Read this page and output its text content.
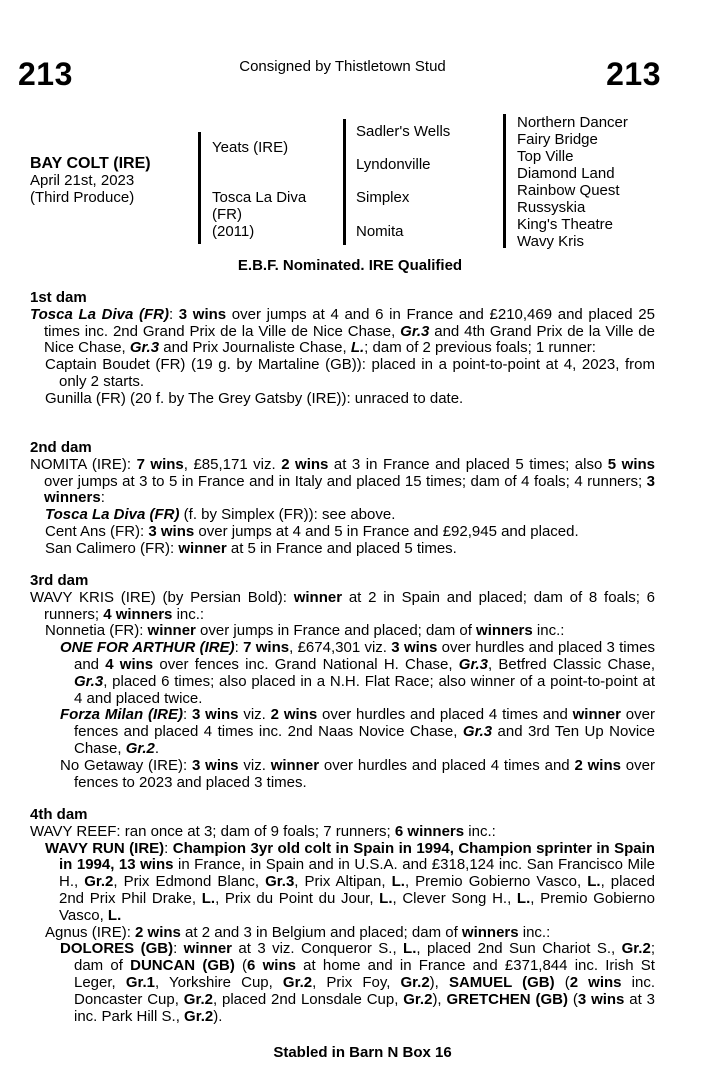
213	Consigned by Thistletown Stud	213
BAY COLT (IRE)
April 21st, 2023
(Third Produce)
Yeats (IRE)
Tosca La Diva
(FR)
(2011)
Sadler's Wells
Lyndonville
Simplex
Nomita
Northern Dancer
Fairy Bridge
Top Ville
Diamond Land
Rainbow Quest
Russyskia
King's Theatre
Wavy Kris
E.B.F. Nominated. IRE Qualified
1st dam
Tosca La Diva (FR): 3 wins over jumps at 4 and 6 in France and £210,469 and placed 25 times inc. 2nd Grand Prix de la Ville de Nice Chase, Gr.3 and 4th Grand Prix de la Ville de Nice Chase, Gr.3 and Prix Journaliste Chase, L.; dam of 2 previous foals; 1 runner:
Captain Boudet (FR) (19 g. by Martaline (GB)): placed in a point-to-point at 4, 2023, from only 2 starts.
Gunilla (FR) (20 f. by The Grey Gatsby (IRE)): unraced to date.
2nd dam
NOMITA (IRE): 7 wins, £85,171 viz. 2 wins at 3 in France and placed 5 times; also 5 wins over jumps at 3 to 5 in France and in Italy and placed 15 times; dam of 4 foals; 4 runners; 3 winners:
Tosca La Diva (FR) (f. by Simplex (FR)): see above.
Cent Ans (FR): 3 wins over jumps at 4 and 5 in France and £92,945 and placed.
San Calimero (FR): winner at 5 in France and placed 5 times.
3rd dam
WAVY KRIS (IRE) (by Persian Bold): winner at 2 in Spain and placed; dam of 8 foals; 6 runners; 4 winners inc.:
Nonnetia (FR): winner over jumps in France and placed; dam of winners inc.:
ONE FOR ARTHUR (IRE): 7 wins, £674,301 viz. 3 wins over hurdles and placed 3 times and 4 wins over fences inc. Grand National H. Chase, Gr.3, Betfred Classic Chase, Gr.3, placed 6 times; also placed in a N.H. Flat Race; also winner of a point-to-point at 4 and placed twice.
Forza Milan (IRE): 3 wins viz. 2 wins over hurdles and placed 4 times and winner over fences and placed 4 times inc. 2nd Naas Novice Chase, Gr.3 and 3rd Ten Up Novice Chase, Gr.2.
No Getaway (IRE): 3 wins viz. winner over hurdles and placed 4 times and 2 wins over fences to 2023 and placed 3 times.
4th dam
WAVY REEF: ran once at 3; dam of 9 foals; 7 runners; 6 winners inc.:
WAVY RUN (IRE): Champion 3yr old colt in Spain in 1994, Champion sprinter in Spain in 1994, 13 wins in France, in Spain and in U.S.A. and £318,124 inc. San Francisco Mile H., Gr.2, Prix Edmond Blanc, Gr.3, Prix Altipan, L., Premio Gobierno Vasco, L., placed 2nd Prix Phil Drake, L., Prix du Point du Jour, L., Clever Song H., L., Premio Gobierno Vasco, L.
Agnus (IRE): 2 wins at 2 and 3 in Belgium and placed; dam of winners inc.:
DOLORES (GB): winner at 3 viz. Conqueror S., L., placed 2nd Sun Chariot S., Gr.2; dam of DUNCAN (GB) (6 wins at home and in France and £371,844 inc. Irish St Leger, Gr.1, Yorkshire Cup, Gr.2, Prix Foy, Gr.2), SAMUEL (GB) (2 wins inc. Doncaster Cup, Gr.2, placed 2nd Lonsdale Cup, Gr.2), GRETCHEN (GB) (3 wins at 3 inc. Park Hill S., Gr.2).
Stabled in Barn N Box 16
